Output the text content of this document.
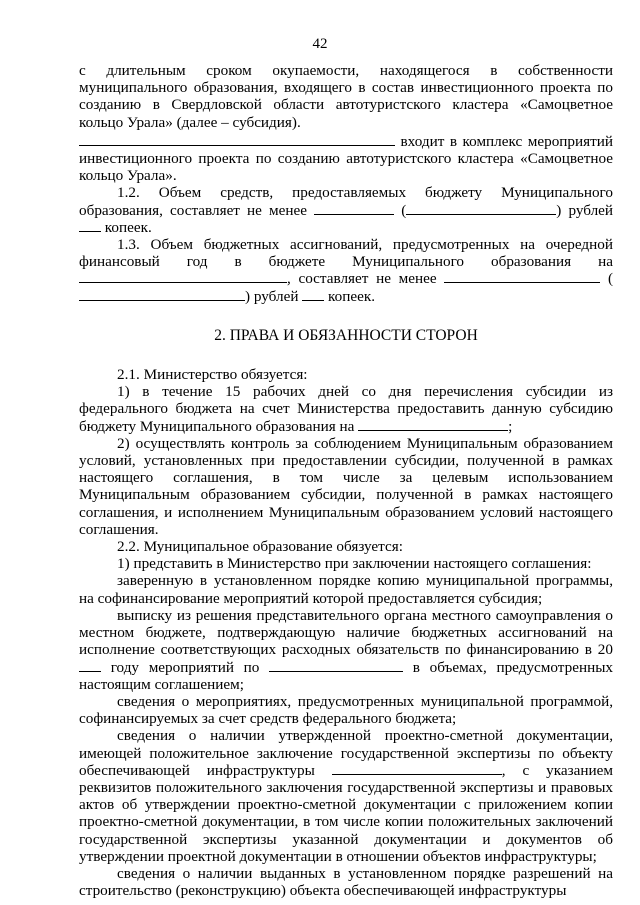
42

с длительным сроком окупаемости, находящегося в собственности муниципального образования, входящего в состав инвестиционного проекта по созданию в Свердловской области автотуристского кластера «Самоцветное кольцо Урала» (далее – субсидия).

входит в комплекс мероприятий инвестиционного проекта по созданию автотуристского кластера «Самоцветное кольцо Урала».

1.2. Объем средств, предоставляемых бюджету Муниципального образования, составляет не менее	(	) рублей  копеек.

1.3. Объем бюджетных ассигнований, предусмотренных на очередной финансовый год в бюджете Муниципального образования на , составляет не менее	() рублей копеек.

2. ПРАВА И ОБЯЗАННОСТИ СТОРОН

2.1. Министерство обязуется:

1) в течение 15 рабочих дней со дня перечисления субсидии из федерального бюджета на счет Министерства предоставить данную субсидию бюджету Муниципального образования на	;

2) осуществлять контроль за соблюдением Муниципальным образованием условий, установленных при предоставлении субсидии, полученной в рамках настоящего соглашения, в том числе за целевым использованием Муниципальным образованием субсидии, полученной в рамках настоящего соглашения, и исполнением Муниципальным образованием условий настоящего соглашения.

2.2. Муниципальное образование обязуется:

1) представить в Министерство при заключении настоящего соглашения:

заверенную в установленном порядке копию муниципальной программы, на софинансирование мероприятий которой предоставляется субсидия;

выписку из решения представительного органа местного самоуправления о местном бюджете, подтверждающую наличие бюджетных ассигнований на исполнение соответствующих расходных обязательств по финансированию в 20 году мероприятий по	в объемах, предусмотренных настоящим соглашением;

сведения о мероприятиях, предусмотренных муниципальной программой, софинансируемых за счет средств федерального бюджета;

сведения о наличии утвержденной проектно-сметной документации, имеющей положительное заключение государственной экспертизы по объекту обеспечивающей инфраструктуры	, с указанием реквизитов положительного заключения государственной экспертизы и правовых актов об утверждении проектно-сметной документации с приложением копии проектно-сметной документации, в том числе копии положительных заключений государственной экспертизы указанной документации и документов об утверждении проектной документации в отношении объектов инфраструктуры;

сведения о наличии выданных в установленном порядке разрешений на строительство (реконструкцию) объекта обеспечивающей инфраструктуры
